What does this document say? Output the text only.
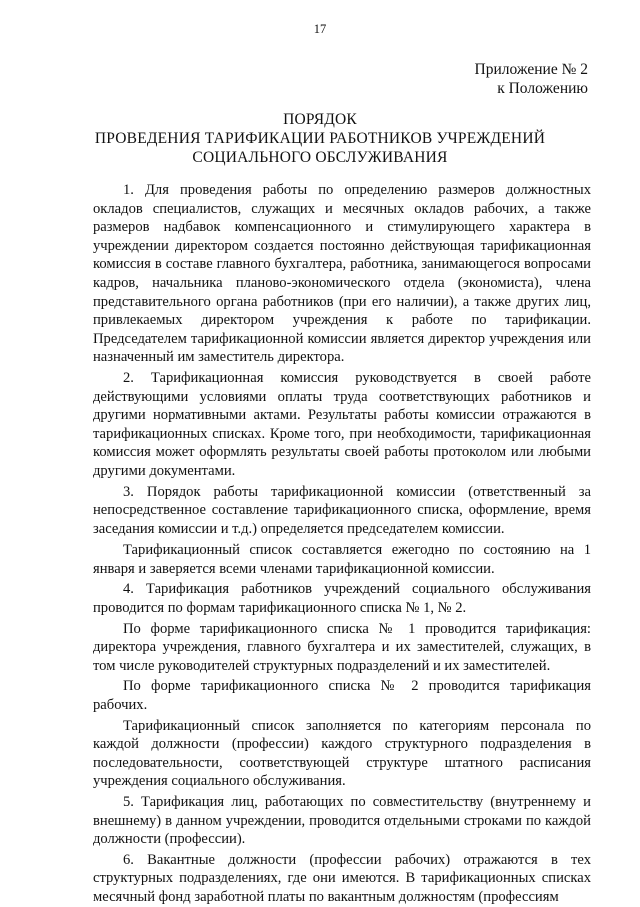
17
Приложение № 2
к Положению
ПОРЯДОК
ПРОВЕДЕНИЯ ТАРИФИКАЦИИ РАБОТНИКОВ УЧРЕЖДЕНИЙ
СОЦИАЛЬНОГО ОБСЛУЖИВАНИЯ

1. Для проведения работы по определению размеров должностных окладов специалистов, служащих и месячных окладов рабочих, а также размеров надбавок компенсационного и стимулирующего характера в учреждении директором создается постоянно действующая тарификационная комиссия в составе главного бухгалтера, работника, занимающегося вопросами кадров, начальника планово-экономического отдела (экономиста), члена представительного органа работников (при его наличии), а также других лиц, привлекаемых директором учреждения к работе по тарификации. Председателем тарификационной комиссии является директор учреждения или назначенный им заместитель директора.

2. Тарификационная комиссия руководствуется в своей работе действующими условиями оплаты труда соответствующих работников и другими нормативными актами. Результаты работы комиссии отражаются в тарификационных списках. Кроме того, при необходимости, тарификационная комиссия может оформлять результаты своей работы протоколом или любыми другими документами.

3. Порядок работы тарификационной комиссии (ответственный за непосредственное составление тарификационного списка, оформление, время заседания комиссии и т.д.) определяется председателем комиссии.

Тарификационный список составляется ежегодно по состоянию на 1 января и заверяется всеми членами тарификационной комиссии.

4. Тарификация работников учреждений социального обслуживания проводится по формам тарификационного списка № 1, № 2.

По форме тарификационного списка № 1 проводится тарификация: директора учреждения, главного бухгалтера и их заместителей, служащих, в том числе руководителей структурных подразделений и их заместителей.

По форме тарификационного списка № 2 проводится тарификация рабочих.

Тарификационный список заполняется по категориям персонала по каждой должности (профессии) каждого структурного подразделения в последовательности, соответствующей структуре штатного расписания учреждения социального обслуживания.

5. Тарификация лиц, работающих по совместительству (внутреннему и внешнему) в данном учреждении, проводится отдельными строками по каждой должности (профессии).

6. Вакантные должности (профессии рабочих) отражаются в тех структурных подразделениях, где они имеются. В тарификационных списках месячный фонд заработной платы по вакантным должностям (профессиям
